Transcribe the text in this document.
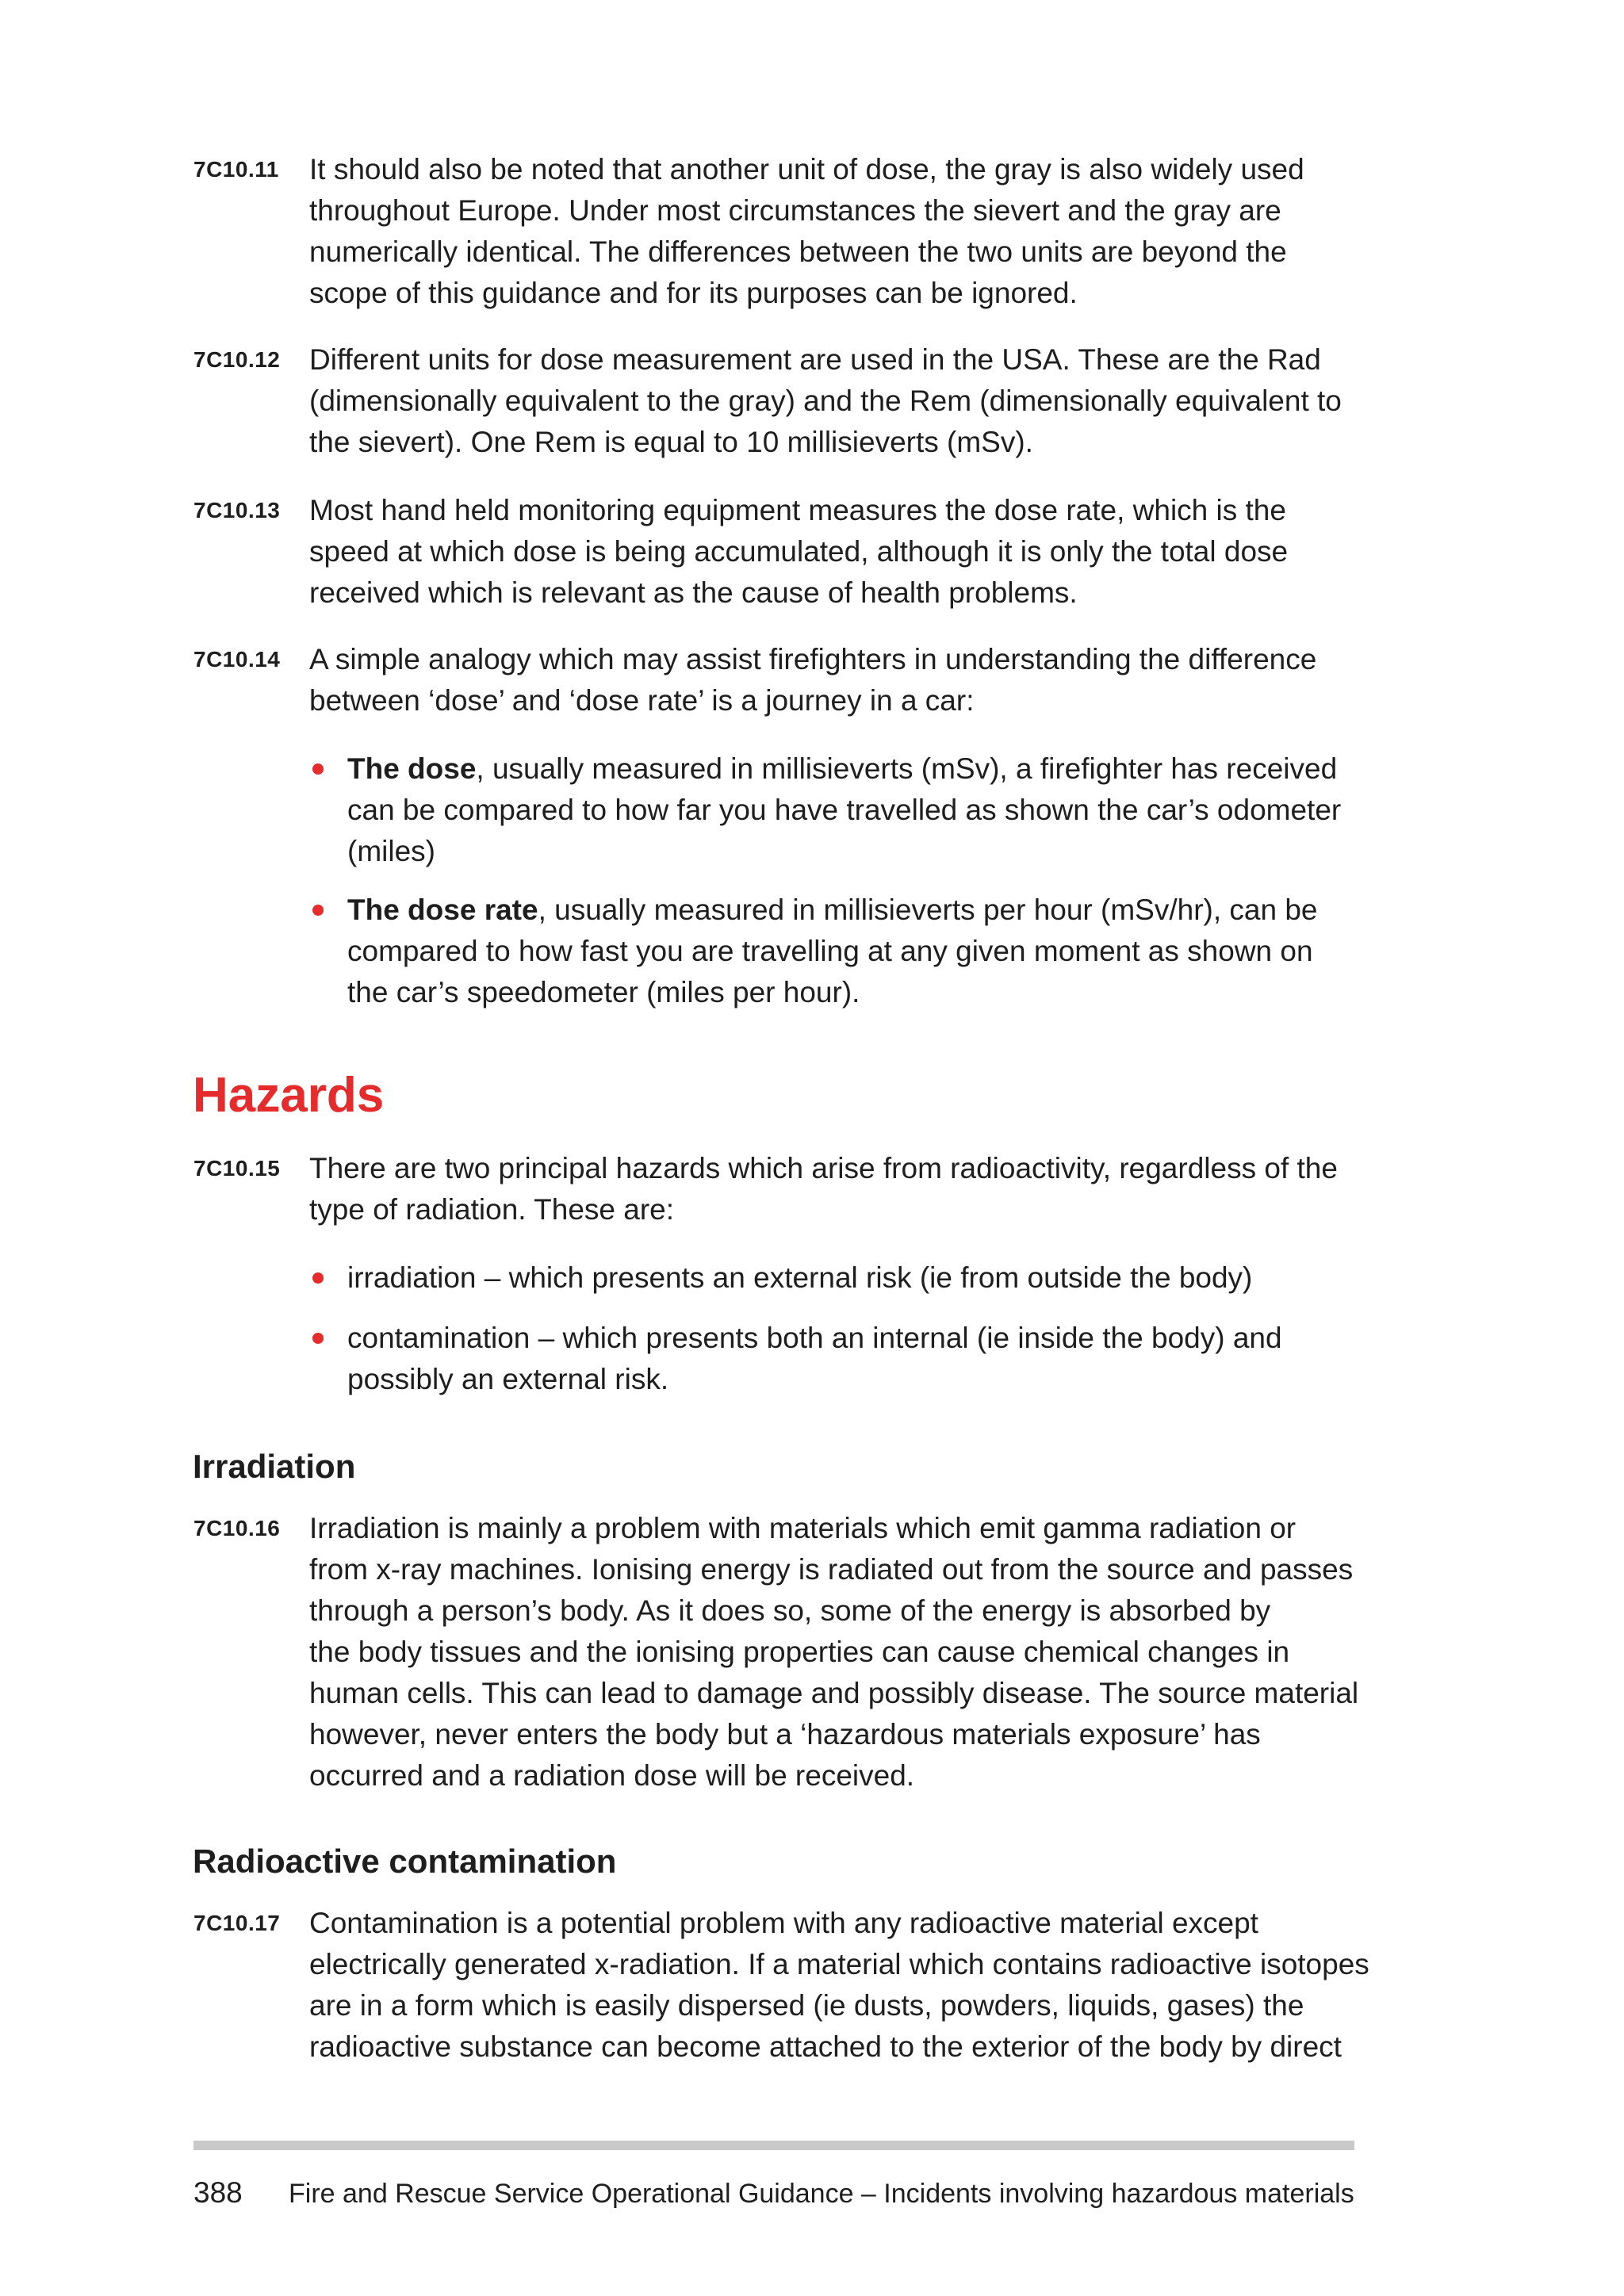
7C10.11 It should also be noted that another unit of dose, the gray is also widely used
throughout Europe. Under most circumstances the sievert and the gray are
numerically identical. The differences between the two units are beyond the
scope of this guidance and for its purposes can be ignored.
7C10.12 Different units for dose measurement are used in the USA. These are the Rad
(dimensionally equivalent to the gray) and the Rem (dimensionally equivalent to
the sievert). One Rem is equal to 10 millisieverts (mSv).
7C10.13 Most hand held monitoring equipment measures the dose rate, which is the
speed at which dose is being accumulated, although it is only the total dose
received which is relevant as the cause of health problems.
7C10.14 A simple analogy which may assist firefighters in understanding the difference
between ‘dose’ and ‘dose rate’ is a journey in a car:
The dose, usually measured in millisieverts (mSv), a firefighter has received
can be compared to how far you have travelled as shown the car’s odometer
(miles)
The dose rate, usually measured in millisieverts per hour (mSv/hr), can be
compared to how fast you are travelling at any given moment as shown on
the car’s speedometer (miles per hour).
Hazards
7C10.15 There are two principal hazards which arise from radioactivity, regardless of the
type of radiation. These are:
irradiation – which presents an external risk (ie from outside the body)
contamination – which presents both an internal (ie inside the body) and
possibly an external risk.
Irradiation
7C10.16 Irradiation is mainly a problem with materials which emit gamma radiation or
from x-ray machines. Ionising energy is radiated out from the source and passes
through a person’s body. As it does so, some of the energy is absorbed by
the body tissues and the ionising properties can cause chemical changes in
human cells. This can lead to damage and possibly disease. The source material
however, never enters the body but a ‘hazardous materials exposure’ has
occurred and a radiation dose will be received.
Radioactive contamination
7C10.17 Contamination is a potential problem with any radioactive material except
electrically generated x-radiation. If a material which contains radioactive isotopes
are in a form which is easily dispersed (ie dusts, powders, liquids, gases) the
radioactive substance can become attached to the exterior of the body by direct
388 Fire and Rescue Service Operational Guidance – Incidents involving hazardous materials
